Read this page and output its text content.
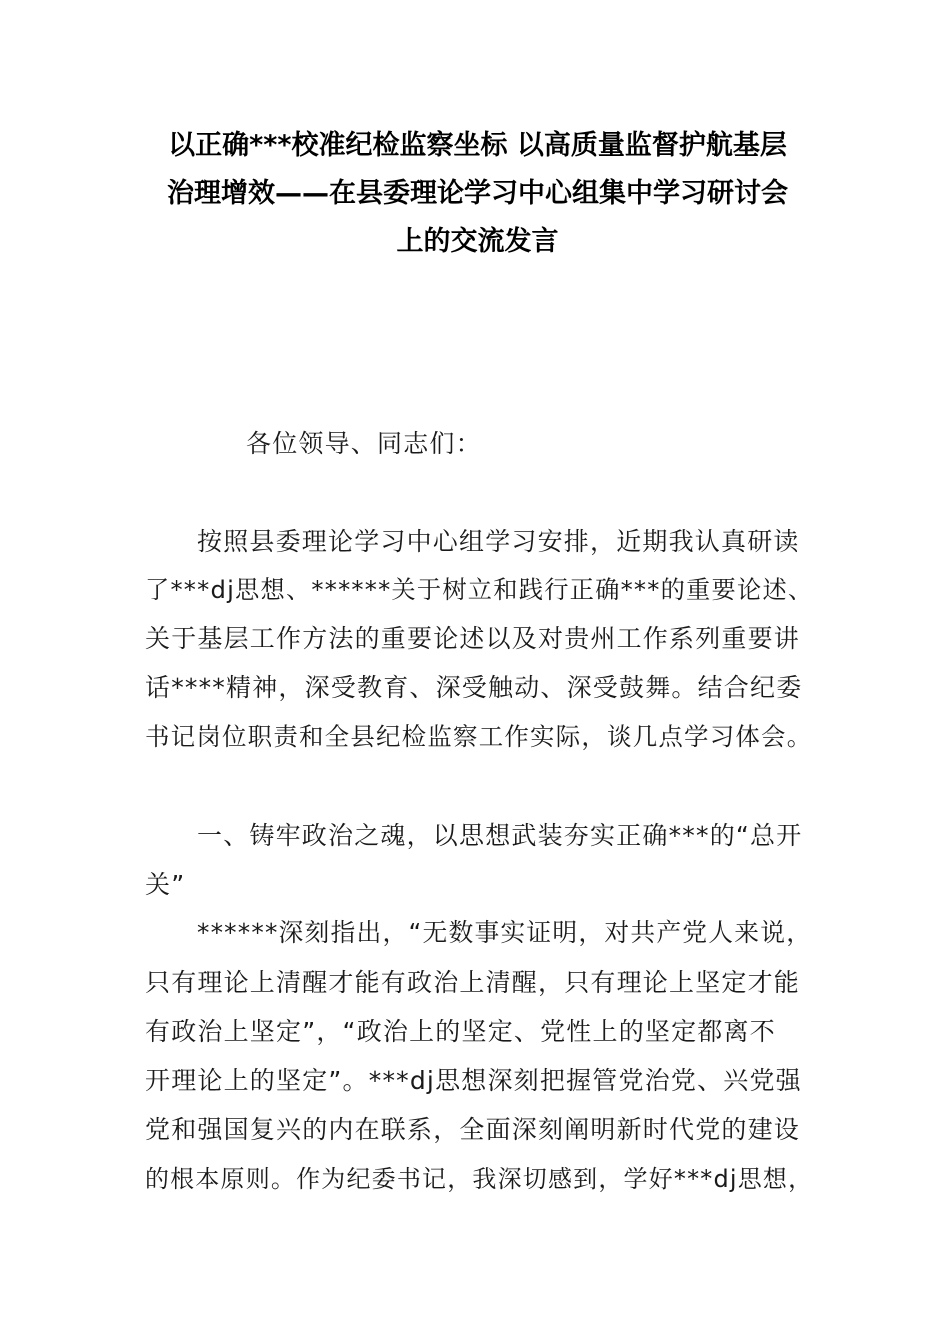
以正确***校准纪检监察坐标 以高质量监督护航基层
治理增效——在县委理论学习中心组集中学习研讨会
上的交流发言
各位领导、同志们：
按照县委理论学习中心组学习安排，近期我认真研读
了***dj思想、******关于树立和践行正确***的重要论述、
关于基层工作方法的重要论述以及对贵州工作系列重要讲
话****精神，深受教育、深受触动、深受鼓舞。结合纪委
书记岗位职责和全县纪检监察工作实际，谈几点学习体会。
一、铸牢政治之魂，以思想武装夯实正确***的“总开
关”
******深刻指出，“无数事实证明，对共产党人来说，
只有理论上清醒才能有政治上清醒，只有理论上坚定才能
有政治上坚定”，“政治上的坚定、党性上的坚定都离不
开理论上的坚定”。***dj思想深刻把握管党治党、兴党强
党和强国复兴的内在联系，全面深刻阐明新时代党的建设
的根本原则。作为纪委书记，我深切感到，学好***dj思想，
